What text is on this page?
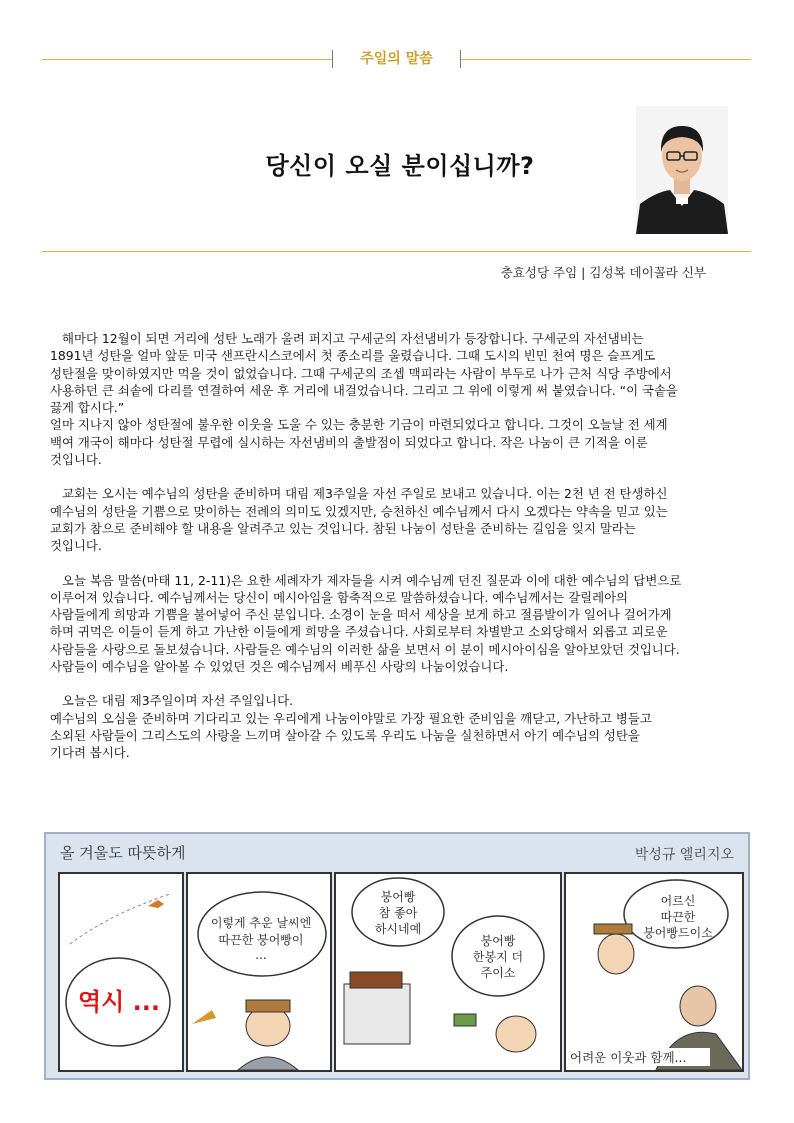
주일의 말씀
당신이 오실 분이십니까?
충효성당 주임 | 김성복 데이꼴라 신부

해마다 12월이 되면 거리에 성탄 노래가 울려 퍼지고 구세군의 자선냄비가 등장합니다. 구세군의 자선냄비는
1891년 성탄을 얼마 앞둔 미국 샌프란시스코에서 첫 종소리를 울렸습니다. 그때 도시의 빈민 천여 명은 슬프게도
성탄절을 맞이하였지만 먹을 것이 없었습니다. 그때 구세군의 조셉 맥피라는 사람이 부두로 나가 근처 식당 주방에서
사용하던 큰 쇠솥에 다리를 연결하여 세운 후 거리에 내걸었습니다. 그리고 그 위에 이렇게 써 붙였습니다. “이 국솥을
끓게 합시다.”
얼마 지나지 않아 성탄절에 불우한 이웃을 도울 수 있는 충분한 기금이 마련되었다고 합니다. 그것이 오늘날 전 세계
백여 개국이 해마다 성탄절 무렵에 실시하는 자선냄비의 출발점이 되었다고 합니다. 작은 나눔이 큰 기적을 이룬
것입니다.

교회는 오시는 예수님의 성탄을 준비하며 대림 제3주일을 자선 주일로 보내고 있습니다. 이는 2천 년 전 탄생하신
예수님의 성탄을 기쁨으로 맞이하는 전례의 의미도 있겠지만, 승천하신 예수님께서 다시 오겠다는 약속을 믿고 있는
교회가 참으로 준비해야 할 내용을 알려주고 있는 것입니다. 참된 나눔이 성탄을 준비하는 길임을 잊지 말라는
것입니다.

오늘 복음 말씀(마태 11, 2-11)은 요한 세례자가 제자들을 시켜 예수님께 던진 질문과 이에 대한 예수님의 답변으로
이루어져 있습니다. 예수님께서는 당신이 메시아임을 함축적으로 말씀하셨습니다. 예수님께서는 갈릴레아의
사람들에게 희망과 기쁨을 불어넣어 주신 분입니다. 소경이 눈을 떠서 세상을 보게 하고 절름발이가 일어나 걸어가게
하며 귀먹은 이들이 듣게 하고 가난한 이들에게 희망을 주셨습니다. 사회로부터 차별받고 소외당해서 외롭고 괴로운
사람들을 사랑으로 돌보셨습니다. 사람들은 예수님의 이러한 삶을 보면서 이 분이 메시아이심을 알아보았던 것입니다.
사람들이 예수님을 알아볼 수 있었던 것은 예수님께서 베푸신 사랑의 나눔이었습니다.

오늘은 대림 제3주일이며 자선 주일입니다.
예수님의 오심을 준비하며 기다리고 있는 우리에게 나눔이야말로 가장 필요한 준비임을 깨닫고, 가난하고 병들고
소외된 사람들이 그리스도의 사랑을 느끼며 살아갈 수 있도록 우리도 나눔을 실천하면서 아기 예수님의 성탄을
기다려 봅시다.

올 겨울도 따뜻하게	박성규 엘리지오
역시 ...
이렇게 추운 날씨엔
따끈한 붕어빵이
...
붕어빵
참 좋아
하시네예
붕어빵
한봉지 더
주이소
어르신
따끈한
붕어빵드이소
어려운 이웃과 함께...
